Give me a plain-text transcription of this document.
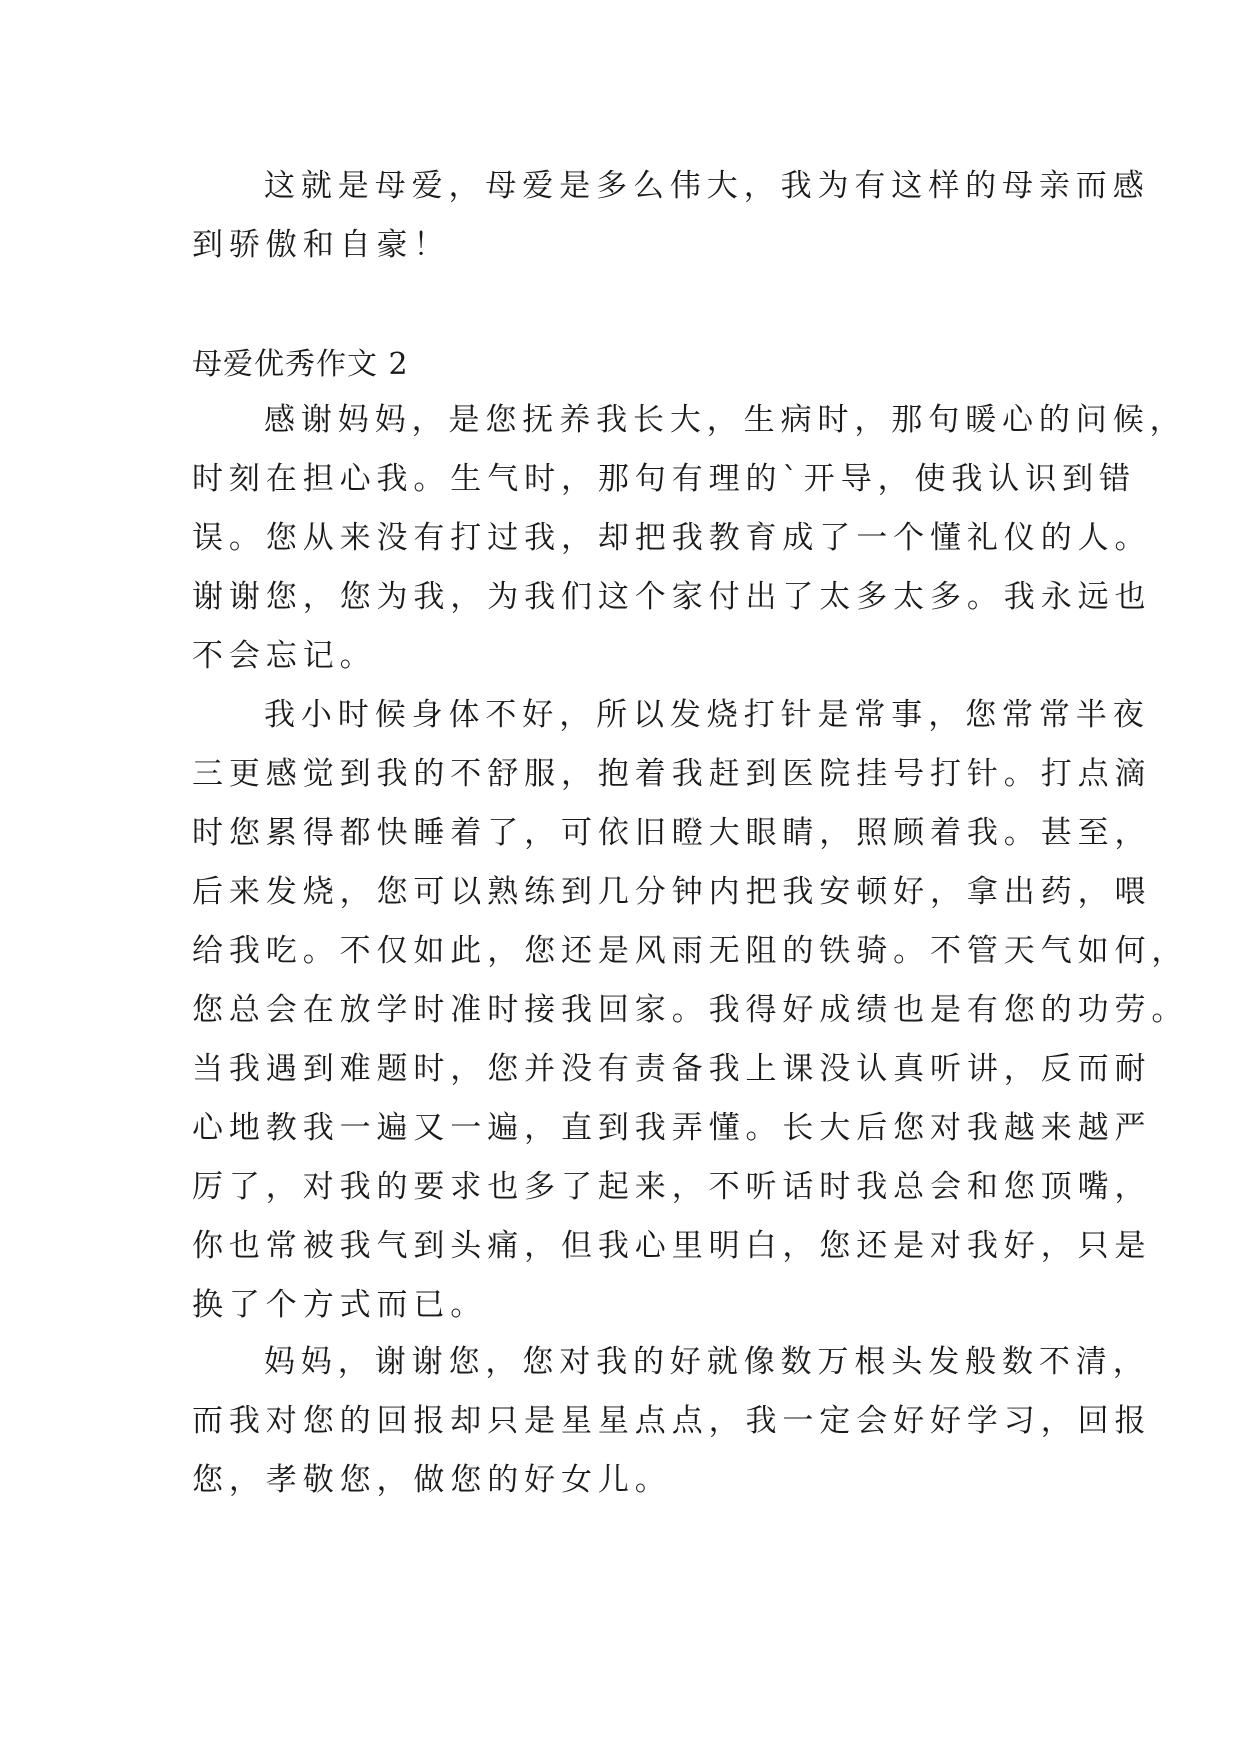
这就是母爱，母爱是多么伟大，我为有这样的母亲而感
到骄傲和自豪！
母爱优秀作文 2
感谢妈妈，是您抚养我长大，生病时，那句暖心的问候，
时刻在担心我。生气时，那句有理的`开导，使我认识到错
误。您从来没有打过我，却把我教育成了一个懂礼仪的人。
谢谢您，您为我，为我们这个家付出了太多太多。我永远也
不会忘记。
我小时候身体不好，所以发烧打针是常事，您常常半夜
三更感觉到我的不舒服，抱着我赶到医院挂号打针。打点滴
时您累得都快睡着了，可依旧瞪大眼睛，照顾着我。甚至，
后来发烧，您可以熟练到几分钟内把我安顿好，拿出药，喂
给我吃。不仅如此，您还是风雨无阻的铁骑。不管天气如何，
您总会在放学时准时接我回家。我得好成绩也是有您的功劳。
当我遇到难题时，您并没有责备我上课没认真听讲，反而耐
心地教我一遍又一遍，直到我弄懂。长大后您对我越来越严
厉了，对我的要求也多了起来，不听话时我总会和您顶嘴，
你也常被我气到头痛，但我心里明白，您还是对我好，只是
换了个方式而已。
妈妈，谢谢您，您对我的好就像数万根头发般数不清，
而我对您的回报却只是星星点点，我一定会好好学习，回报
您，孝敬您，做您的好女儿。
